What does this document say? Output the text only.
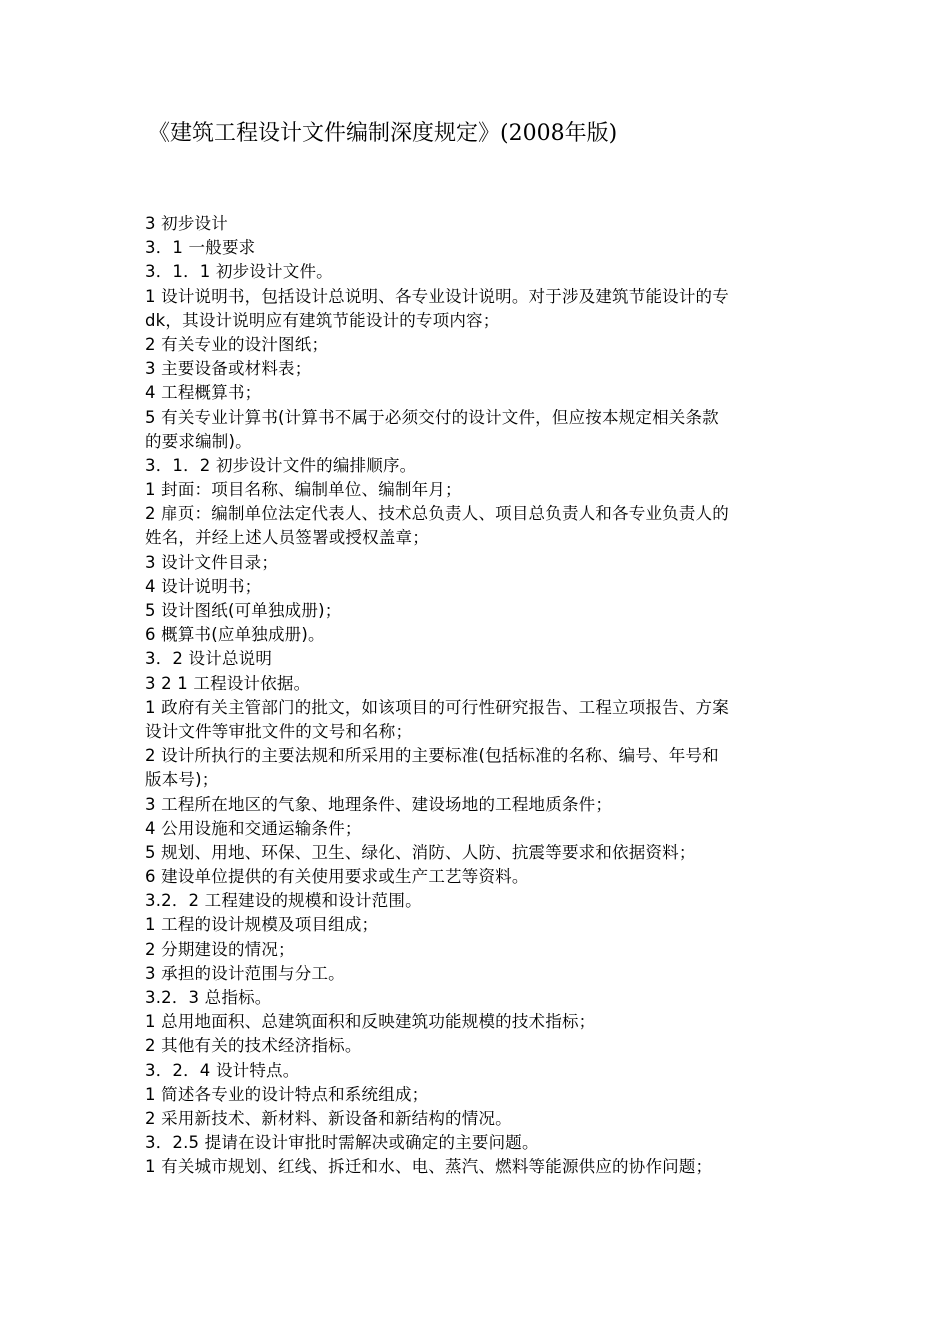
《建筑工程设计文件编制深度规定》(2008年版)
3 初步设计
3．1 一般要求
3．1．1 初步设计文件。
1 设计说明书，包括设计总说明、各专业设计说明。对于涉及建筑节能设计的专
dk，其设计说明应有建筑节能设计的专项内容；
2 有关专业的设汁图纸；
3 主要设备或材料表；
4 工程概算书；
5 有关专业计算书(计算书不属于必须交付的设计文件，但应按本规定相关条款
的要求编制)。
3．1．2 初步设计文件的编排顺序。
1 封面：项目名称、编制单位、编制年月；
2 扉页：编制单位法定代表人、技术总负责人、项目总负责人和各专业负责人的
姓名，并经上述人员签署或授权盖章；
3 设计文件目录；
4 设计说明书；
5 设计图纸(可单独成册)；
6 概算书(应单独成册)。
3．2 设计总说明
3 2 1 工程设计依据。
1 政府有关主管部门的批文，如该项目的可行性研究报告、工程立项报告、方案
设计文件等审批文件的文号和名称；
2 设计所执行的主要法规和所采用的主要标准(包括标准的名称、编号、年号和
版本号)；
3 工程所在地区的气象、地理条件、建设场地的工程地质条件；
4 公用设施和交通运输条件；
5 规划、用地、环保、卫生、绿化、消防、人防、抗震等要求和依据资料；
6 建设单位提供的有关使用要求或生产工艺等资料。
3.2．2 工程建设的规模和设计范围。
1 工程的设计规模及项目组成；
2 分期建设的情况；
3 承担的设计范围与分工。
3.2．3 总指标。
1 总用地面积、总建筑面积和反映建筑功能规模的技术指标；
2 其他有关的技术经济指标。
3．2．4 设计特点。
1 简述各专业的设计特点和系统组成；
2 采用新技术、新材料、新设备和新结构的情况。
3．2.5 提请在设计审批时需解决或确定的主要问题。
1 有关城市规划、红线、拆迁和水、电、蒸汽、燃料等能源供应的协作问题；
